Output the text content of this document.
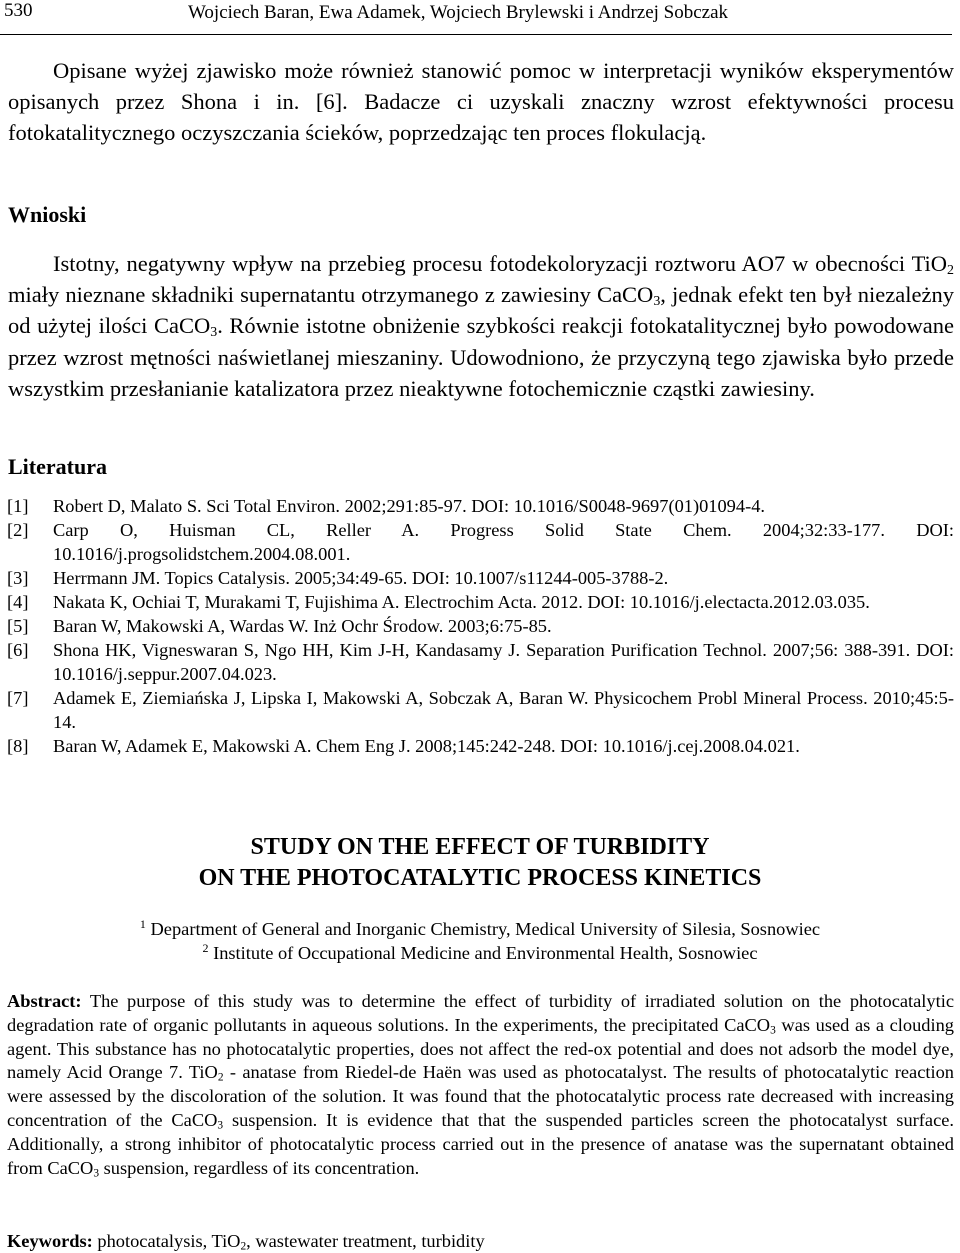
530	Wojciech Baran, Ewa Adamek, Wojciech Brylewski i Andrzej Sobczak

Opisane wyżej zjawisko może również stanowić pomoc w interpretacji wyników eksperymentów opisanych przez Shona i in. [6]. Badacze ci uzyskali znaczny wzrost efektywności procesu fotokatalitycznego oczyszczania ścieków, poprzedzając ten proces flokulacją.

Wnioski

Istotny, negatywny wpływ na przebieg procesu fotodekoloryzacji roztworu AO7 w obecności TiO$_2$ miały nieznane składniki supernatantu otrzymanego z zawiesiny CaCO$_3$, jednak efekt ten był niezależny od użytej ilości CaCO$_3$. Równie istotne obniżenie szybkości reakcji fotokatalitycznej było powodowane przez wzrost mętności naświetlanej mieszaniny. Udowodniono, że przyczyną tego zjawiska było przede wszystkim przesłanianie katalizatora przez nieaktywne fotochemicznie cząstki zawiesiny.

Literatura

[1] Robert D, Malato S. Sci Total Environ. 2002;291:85-97. DOI: 10.1016/S0048-9697(01)01094-4.

[2] Carp O, Huisman CL, Reller A. Progress Solid State Chem. 2004;32:33-177. DOI: 10.1016/j.progsolidstchem.2004.08.001.

[3] Herrmann JM. Topics Catalysis. 2005;34:49-65. DOI: 10.1007/s11244-005-3788-2.

[4] Nakata K, Ochiai T, Murakami T, Fujishima A. Electrochim Acta. 2012. DOI: 10.1016/j.electacta.2012.03.035.

[5] Baran W, Makowski A, Wardas W. Inż Ochr Środow. 2003;6:75-85.

[6] Shona HK, Vigneswaran S, Ngo HH, Kim J-H, Kandasamy J. Separation Purification Technol. 2007;56: 388-391. DOI: 10.1016/j.seppur.2007.04.023.

[7] Adamek E, Ziemiańska J, Lipska I, Makowski A, Sobczak A, Baran W. Physicochem Probl Mineral Process. 2010;45:5-14.

[8] Baran W, Adamek E, Makowski A. Chem Eng J. 2008;145:242-248. DOI: 10.1016/j.cej.2008.04.021.

STUDY ON THE EFFECT OF TURBIDITY
ON THE PHOTOCATALYTIC PROCESS KINETICS
$^1$ Department of General and Inorganic Chemistry, Medical University of Silesia, Sosnowiec
$^2$ Institute of Occupational Medicine and Environmental Health, Sosnowiec

Abstract: The purpose of this study was to determine the effect of turbidity of irradiated solution on the photocatalytic degradation rate of organic pollutants in aqueous solutions. In the experiments, the precipitated CaCO$_3$ was used as a clouding agent. This substance has no photocatalytic properties, does not affect the red-ox potential and does not adsorb the model dye, namely Acid Orange 7. TiO$_2$ - anatase from Riedel-de Haën was used as photocatalyst. The results of photocatalytic reaction were assessed by the discoloration of the solution. It was found that the photocatalytic process rate decreased with increasing concentration of the CaCO$_3$ suspension. It is evidence that that the suspended particles screen the photocatalyst surface. Additionally, a strong inhibitor of photocatalytic process carried out in the presence of anatase was the supernatant obtained from CaCO$_3$ suspension, regardless of its concentration.

Keywords: photocatalysis, TiO$_2$, wastewater treatment, turbidity
